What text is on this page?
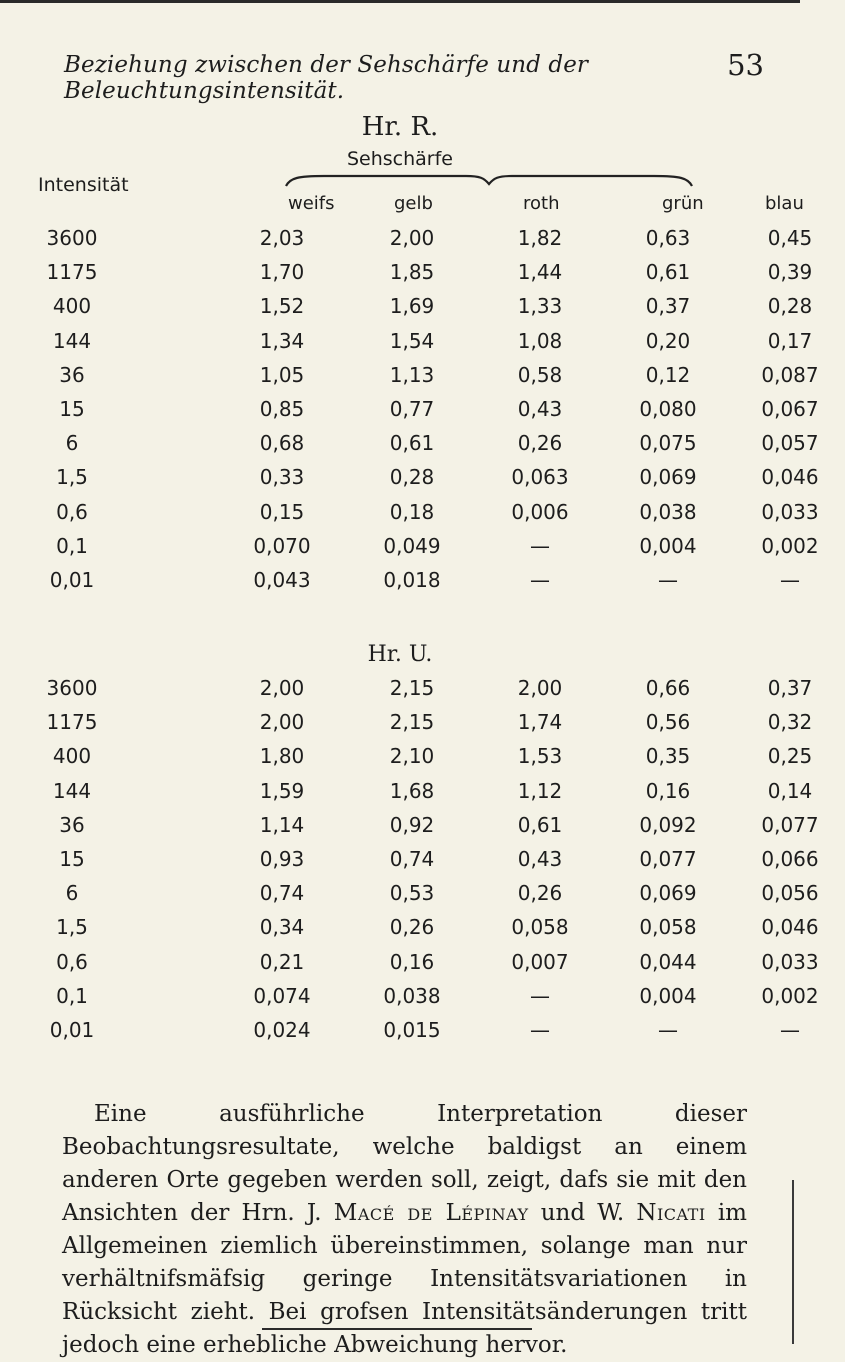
Beziehung zwischen der Sehschärfe und der Beleuchtungsintensität.
53
Hr. R.
Sehschärfe
Intensität
weifs	gelb	roth	grün	blau
3600	2,03	2,00	1,82	0,63	0,45
1175	1,70	1,85	1,44	0,61	0,39
400	1,52	1,69	1,33	0,37	0,28
144	1,34	1,54	1,08	0,20	0,17
36	1,05	1,13	0,58	0,12	0,087
15	0,85	0,77	0,43	0,080	0,067
6	0,68	0,61	0,26	0,075	0,057
1,5	0,33	0,28	0,063	0,069	0,046
0,6	0,15	0,18	0,006	0,038	0,033
0,1	0,070	0,049	—	0,004	0,002
0,01	0,043	0,018	—	—	—
Hr. U.
3600	2,00	2,15	2,00	0,66	0,37
1175	2,00	2,15	1,74	0,56	0,32
400	1,80	2,10	1,53	0,35	0,25
144	1,59	1,68	1,12	0,16	0,14
36	1,14	0,92	0,61	0,092	0,077
15	0,93	0,74	0,43	0,077	0,066
6	0,74	0,53	0,26	0,069	0,056
1,5	0,34	0,26	0,058	0,058	0,046
0,6	0,21	0,16	0,007	0,044	0,033
0,1	0,074	0,038	—	0,004	0,002
0,01	0,024	0,015	—	—	—

Eine ausführliche Interpretation dieser Beobachtungsresultate, welche baldigst an einem anderen Orte gegeben werden soll, zeigt, dafs sie mit den Ansichten der Hrn. J. Macé de Lépinay und W. Nicati im Allgemeinen ziemlich übereinstimmen, solange man nur verhältnifsmäfsig geringe Intensitätsvariationen in Rücksicht zieht. Bei grofsen Intensitätsänderungen tritt jedoch eine erhebliche Abweichung hervor.
